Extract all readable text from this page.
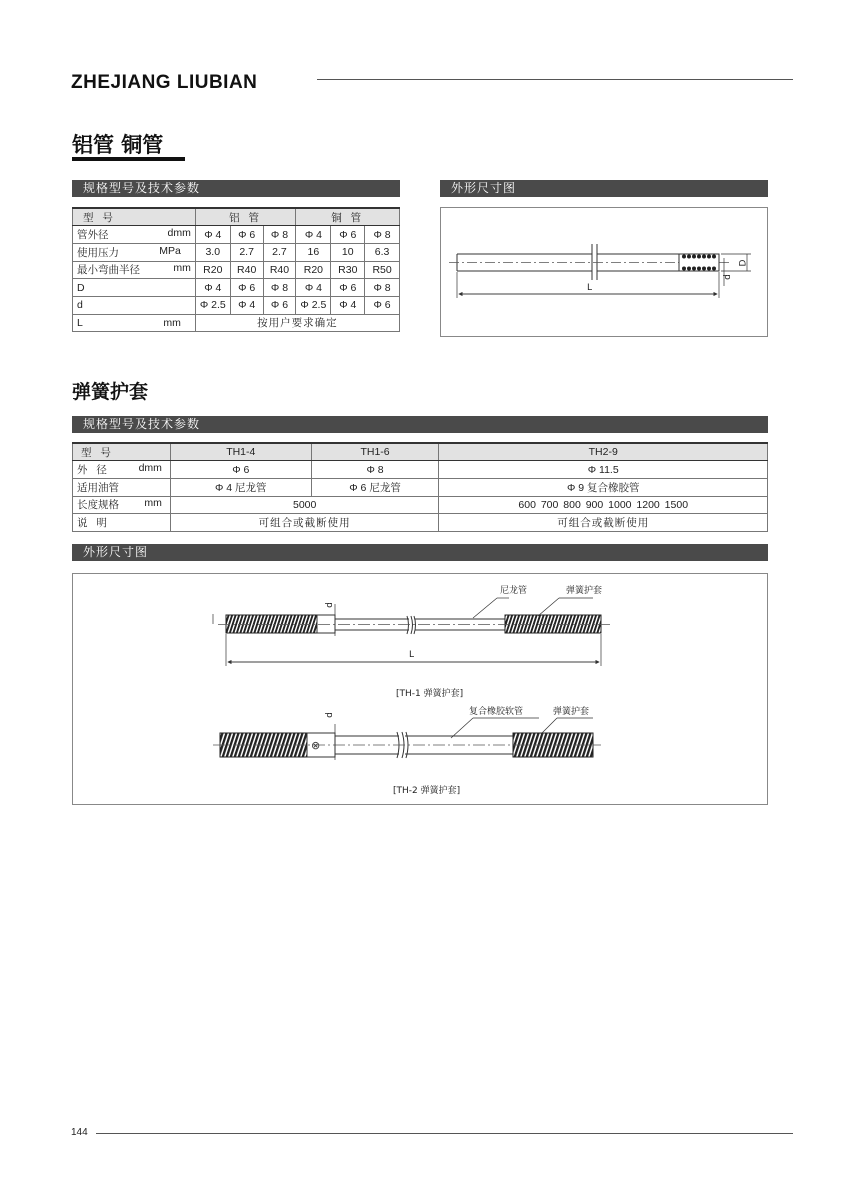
ZHEJIANG LIUBIAN
铝管 铜管
规格型号及技术参数	外形尺寸图
型 号	铝 管			铜 管		

管外径 dmm	Φ 4	Φ 6	Φ 8	Φ 4	Φ 6	Φ 8

使用压力 MPa	3.0	2.7	2.7	16	10	6.3

最小弯曲半径 mm	R20	R40	R40	R20	R30	R50
D	Φ 4	Φ 6	Φ 8	Φ 4	Φ 6	Φ 8
d	Φ 2.5	Φ 4	Φ 6	Φ 2.5	Φ 4	Φ 6

L mm	按用户要求确定					
L
D
d
弹簧护套
规格型号及技术参数
型 号	TH1-4	TH1-6	TH2-9

外 径 dmm	Φ 6	Φ 8	Φ 11.5
适用油管	Φ 4 尼龙管	Φ 6 尼龙管	Φ 9 复合橡胶管

长度规格 mm	5000		600 700 800 900 1000 1200 1500
说 明	可组合或截断使用		可组合或截断使用
外形尺寸图
⊗
尼龙管	弹簧护套
d
L
[TH-1 弹簧护套]
复合橡胶软管	弹簧护套
d
[TH-2 弹簧护套]
144
